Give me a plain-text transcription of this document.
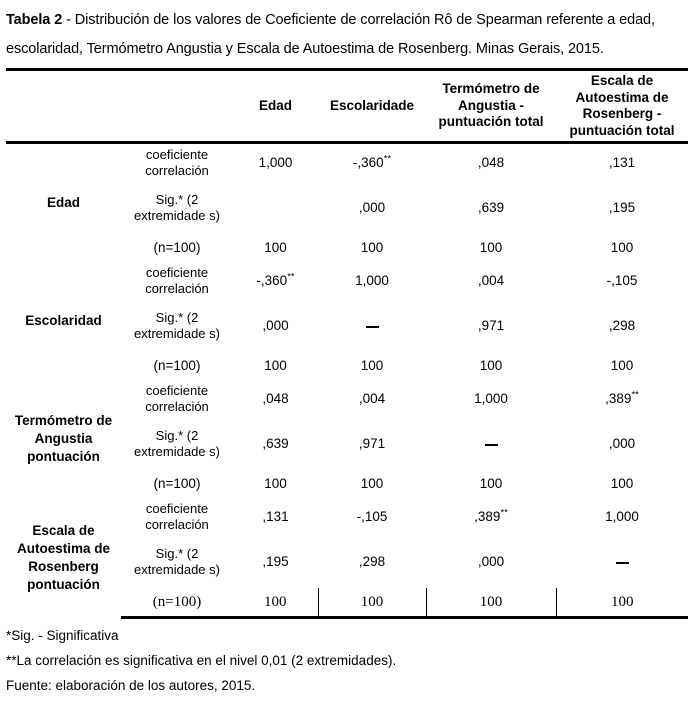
Tabela 2 - Distribución de los valores de Coeficiente de correlación Rô de Spearman referente a edad, escolaridad, Termómetro Angustia y Escala de Autoestima de Rosenberg. Minas Gerais, 2015.
		Edad	Escolaridade	Termómetro de Angustia - puntuación total	Escala de Autoestima de Rosenberg - puntuación total
Edad	coeficiente correlación	1,000	-,360**	,048	,131
	Sig.* (2 extremidade s)		,000	,639	,195
	(n=100)	100	100	100	100
Escolaridad	coeficiente correlación	-,360**	1,000	,004	-,105
	Sig.* (2 extremidade s)	,000		,971	,298
	(n=100)	100	100	100	100
Termómetro de Angustia pontuación	coeficiente correlación	,048	,004	1,000	,389**
	Sig.* (2 extremidade s)	,639	,971		,000
	(n=100)	100	100	100	100
Escala de Autoestima de Rosenberg pontuación	coeficiente correlación	,131	-,105	,389**	1,000
	Sig.* (2 extremidade s)	,195	,298	,000	
	(n=100)	100	100	100	100
*Sig. - Significativa
**La correlación es significativa en el nivel 0,01 (2 extremidades).
Fuente: elaboración de los autores, 2015.
